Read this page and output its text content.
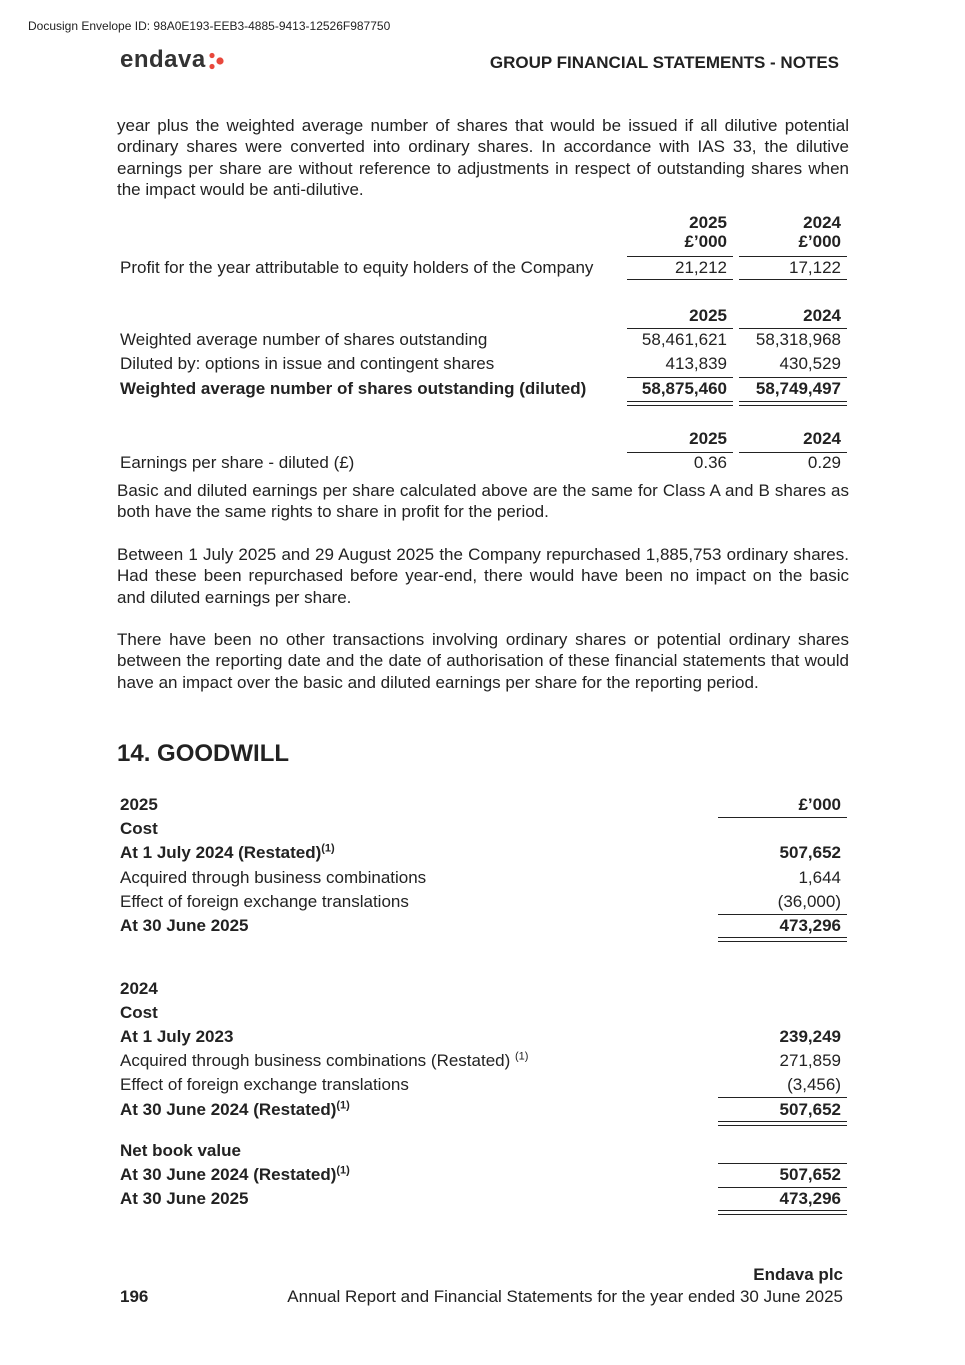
Docusign Envelope ID: 98A0E193-EEB3-4885-9413-12526F987750
endava	GROUP FINANCIAL STATEMENTS - NOTES
year plus the weighted average number of shares that would be issued if all dilutive potential ordinary shares were converted into ordinary shares. In accordance with IAS 33, the dilutive earnings per share are without reference to adjustments in respect of outstanding shares when the impact would be anti-dilutive.
Basic and diluted earnings per share calculated above are the same for Class A and B shares as both have the same rights to share in profit for the period.
Between 1 July 2025 and 29 August 2025 the Company repurchased 1,885,753 ordinary shares. Had these been repurchased before year-end, there would have been no impact on the basic and diluted earnings per share.
There have been no other transactions involving ordinary shares or potential ordinary shares between the reporting date and the date of authorisation of these financial statements that would have an impact over the basic and diluted earnings per share for the reporting period.
14. GOODWILL
2025	2024
£’000	£’000
Profit for the year attributable to equity holders of the Company	21,212	17,122
2025	2024
Weighted average number of shares outstanding	58,461,621	58,318,968
Diluted by: options in issue and contingent shares	413,839	430,529
Weighted average number of shares outstanding (diluted)	58,875,460	58,749,497
2025	2024
Earnings per share - diluted (£)	0.36	0.29
2025	£’000
Cost
At 1 July 2024 (Restated)$^{(1)}$	507,652
Acquired through business combinations	1,644
Effect of foreign exchange translations	(36,000)
At 30 June 2025	473,296
2024
Cost
At 1 July 2023	239,249
Acquired through business combinations (Restated) $^{(1)}$	271,859
Effect of foreign exchange translations	(3,456)
At 30 June 2024 (Restated)$^{(1)}$	507,652
Net book value
At 30 June 2024 (Restated)$^{(1)}$	507,652
At 30 June 2025	473,296
Endava plc
196	Annual Report and Financial Statements for the year ended 30 June 2025
